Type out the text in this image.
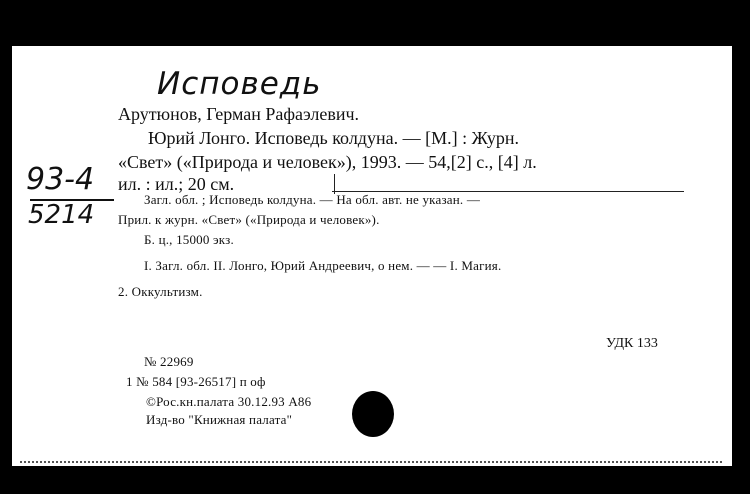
Исповедь
93-4
5214
Арутюнов, Герман Рафаэлевич.
Юрий Лонго. Исповедь колдуна. — [М.] : Журн.
«Свет» («Природа и человек»), 1993. — 54,[2] с., [4] л.
ил. : ил.; 20 см.
Загл. обл. ; Исповедь колдуна. — На обл. авт. не указан. —
Прил. к журн. «Свет» («Природа и человек»).
Б. ц., 15000 экз.
I. Загл. обл. II. Лонго, Юрий Андреевич, о нем. — — I. Магия.
2. Оккультизм.
УДК 133
№ 22969
1 № 584 [93-26517] п оф
©Рос.кн.палата 30.12.93 А86
Изд-во "Книжная палата"
